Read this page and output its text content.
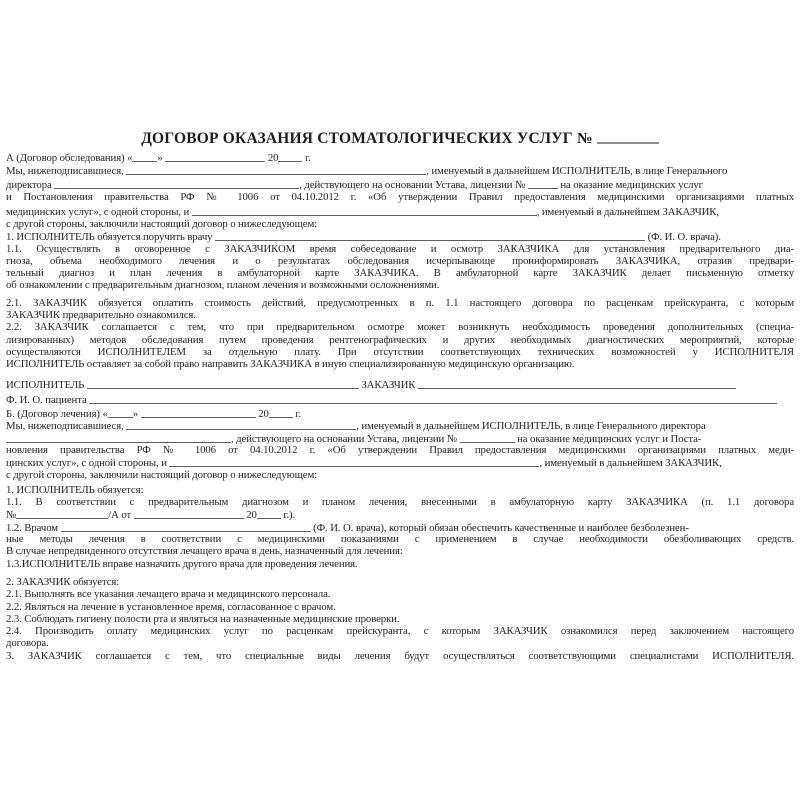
ДОГОВОР ОКАЗАНИЯ СТОМАТОЛОГИЧЕСКИХ УСЛУГ №
А (Договор обследования) « »	20 г.
Мы, нижеподписавшиеся,	, именуемый в дальнейшем ИСПОЛНИТЕЛЬ, в лице Генерального
директора	, действующего на основании Устава, лицензии №	на оказание медицинских услуг
и Постановления правительства РФ № 1006 от 04.10.2012 г. «Об утверждении Правил предоставления медицинскими организациями платных
медицинских услуг», с одной стороны, и	, именуемый в дальнейшем ЗАКАЗЧИК,
с другой стороны, заключили настоящий договор о нижеследующем:
1. ИСПОЛНИТЕЛЬ обязуется поручить врачу	(Ф. И. О. врача).
1.1. Осуществлять в оговоренное с ЗАКАЗЧИКОМ время собеседование и осмотр ЗАКАЗЧИКА для установления предварительного диа-
гноза, объема необходимого лечения и о результатах обследования исчерпывающе проинформировать ЗАКАЗЧИКА, отразив предвари-
тельный диагноз и план лечения в амбулаторной карте ЗАКАЗЧИКА. В амбулаторной карте ЗАКАЗЧИК делает письменную отметку
об ознакомлении с предварительным диагнозом, планом лечения и возможными осложнениями.
2.1. ЗАКАЗЧИК обязуется оплатить стоимость действий, предусмотренных в п. 1.1 настоящего договора по расценкам прейскуранта, с которым
ЗАКАЗЧИК предварительно ознакомился.
2.2. ЗАКАЗЧИК соглашается с тем, что при предварительном осмотре может возникнуть необходимость проведения дополнительных (специа-
лизированных) методов обследования путем проведения рентгенографических и других необходимых диагностических мероприятий, которые
осуществляются ИСПОЛНИТЕЛЕМ за отдельную плату. При отсутствии соответствующих технических возможностей у ИСПОЛНИТЕЛЯ
ИСПОЛНИТЕЛЬ оставляет за собой право направить ЗАКАЗЧИКА в иную специализированную медицинскую организацию.
ИСПОЛНИТЕЛЬ	ЗАКАЗЧИК
Ф. И. О. пациента
Б. (Договор лечения) « »	20 г.
Мы, нижеподписавшиеся,	, именуемый в дальнейшем ИСПОЛНИТЕЛЬ, в лице Генерального директора
, действующего на основании Устава, лицензии №	на оказание медицинских услуг и Поста-
новления правительства РФ № 1006 от 04.10.2012 г. «Об утверждении Правил предоставления медицинскими организациями платных меди-
цинских услуг», с одной стороны, и	, именуемый в дальнейшем ЗАКАЗЧИК,
с другой стороны, заключили настоящий договор о нижеследующем:
1. ИСПОЛНИТЕЛЬ обязуется:
1.1. В соответствии с предварительным диагнозом и планом лечения, внесенными в амбулаторную карту ЗАКАЗЧИКА (п. 1.1 договора
№	/А от	20 г.).
1.2. Врачом	(Ф. И. О. врача), который обязан обеспечить качественные и наиболее безболезнен-
ные методы лечения в соответствии с медицинскими показаниями с применением в случае необходимости обезболивающих средств.
В случае непредвиденного отсутствия лечащего врача в день, назначенный для лечения:
1.3.ИСПОЛНИТЕЛЬ вправе назначить другого врача для проведения лечения.
2. ЗАКАЗЧИК обязуется:
2.1. Выполнять все указания лечащего врача и медицинского персонала.
2.2. Являться на лечение в установленное время, согласованное с врачом.
2.3. Соблюдать гигиену полости рта и являться на назначенные медицинские проверки.
2.4. Производить оплату медицинских услуг по расценкам прейскуранта, с которым ЗАКАЗЧИК ознакомился перед заключением настоящего
договора.
3. ЗАКАЗЧИК соглашается с тем, что специальные виды лечения будут осуществляться соответствующими специалистами ИСПОЛНИТЕЛЯ.
